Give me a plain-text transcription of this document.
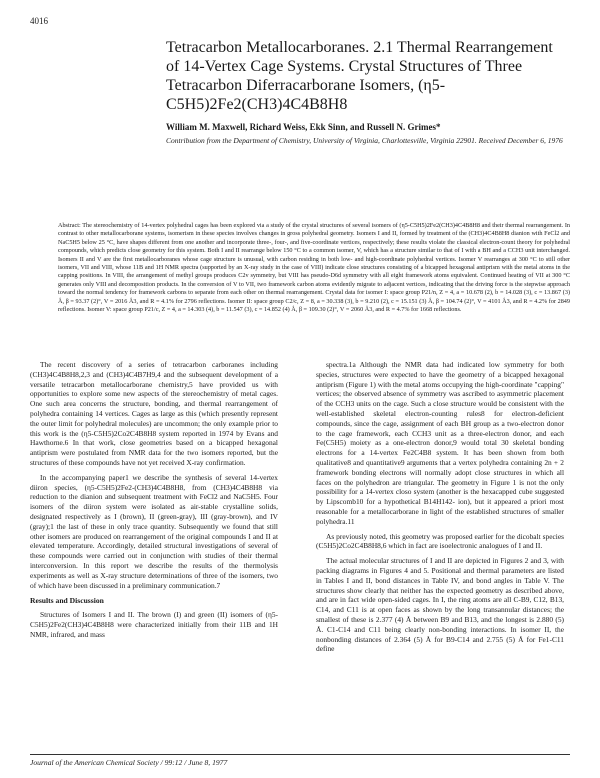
4016
Tetracarbon Metallocarboranes. 2.1 Thermal Rearrangement of 14-Vertex Cage Systems. Crystal Structures of Three Tetracarbon Diferracarborane Isomers, (η5-C5H5)2Fe2(CH3)4C4B8H8
William M. Maxwell, Richard Weiss, Ekk Sinn, and Russell N. Grimes*
Contribution from the Department of Chemistry, University of Virginia, Charlottesville, Virginia 22901. Received December 6, 1976

Abstract: The stereochemistry of 14-vertex polyhedral cages has been explored via a study of the crystal structures of several isomers of (η5-C5H5)2Fe2(CH3)4C4B8H8 and their thermal rearrangement. In contrast to other metallocarborane systems, isomerism in these species involves changes in gross polyhedral geometry. Isomers I and II, formed by treatment of the (CH3)4C4B8H8 dianion with FeCl2 and NaC5H5 below 25 °C, have shapes different from one another and incorporate three-, four-, and five-coordinate vertices, respectively; these results violate the classical electron-count theory for polyhedral compounds, which predicts close geometry for this system. Both I and II rearrange below 150 °C to a common isomer, V, which has a structure similar to that of I with a BH and a CCH3 unit interchanged. Isomers II and V are the first metallocarboranes whose cage structure is unusual, with carbon residing in both low- and high-coordinate polyhedral vertices. Isomer V rearranges at 300 °C to still other isomers, VII and VIII, whose 11B and 1H NMR spectra (supported by an X-ray study in the case of VIII) indicate close structures consisting of a bicapped hexagonal antiprism with the metal atoms in the capping positions. In VIII, the arrangement of methyl groups produces C2v symmetry, but VIII has pseudo-D6d symmetry with all eight framework atoms equivalent. Continued heating of VII at 300 °C generates only VIII and decomposition products. In the conversion of V to VII, two framework carbon atoms evidently migrate to adjacent vertices, indicating that the driving force is the stepwise approach toward the normal tendency for framework carbons to separate from each other on thermal rearrangement. Crystal data for isomer I: space group P21/n, Z = 4, a = 10.678 (2), b = 14.028 (3), c = 13.867 (3) Å, β = 93.37 (2)°, V = 2016 Å3, and R = 4.1% for 2796 reflections. Isomer II: space group C2/c, Z = 8, a = 30.338 (3), b = 9.210 (2), c = 15.151 (3) Å, β = 104.74 (2)°, V = 4101 Å3, and R = 4.2% for 2849 reflections. Isomer V: space group P21/c, Z = 4, a = 14.303 (4), b = 11.547 (3), c = 14.852 (4) Å, β = 109.30 (2)°, V = 2060 Å3, and R = 4.7% for 1668 reflections.

The recent discovery of a series of tetracarbon carboranes including (CH3)4C4B8H8,2,3 and (CH3)4C4B7H9,4 and the subsequent development of a versatile tetracarbon metallocarborane chemistry,5 have provided us with opportunities to explore some new aspects of the stereochemistry of metal cages. One such area concerns the structure, bonding, and thermal rearrangement of polyhedra containing 14 vertices. Cages as large as this (which presently represent the outer limit for polyhedral molecules) are uncommon; the only example prior to this work is the (η5-C5H5)2Co2C4B8H8 system reported in 1974 by Evans and Hawthorne.6 In that work, close geometries based on a bicapped hexagonal antiprism were postulated from NMR data for the two isomers reported, but the structures of these compounds have not yet received X-ray confirmation.

In the accompanying paper1 we describe the synthesis of several 14-vertex diiron species, (η5-C5H5)2Fe2-(CH3)4C4B8H8, from (CH3)4C4B8H8 via reduction to the dianion and subsequent treatment with FeCl2 and NaC5H5. Four isomers of the diiron system were isolated as air-stable crystalline solids, designated respectively as I (brown), II (green-gray), III (gray-brown), and IV (gray);1 the last of these in only trace quantity. Subsequently we found that still other isomers are produced on rearrangement of the original compounds I and II at elevated temperature. Accordingly, detailed structural investigations of several of these compounds were carried out in conjunction with studies of their thermal interconversion. In this report we describe the results of the thermolysis experiments as well as X-ray structure determinations of three of the isomers, two of which have been discussed in a preliminary communication.7

Results and Discussion

Structures of Isomers I and II. The brown (I) and green (II) isomers of (η5-C5H5)2Fe2(CH3)4C4B8H8 were characterized initially from their 11B and 1H NMR, infrared, and mass

spectra.1a Although the NMR data had indicated low symmetry for both species, structures were expected to have the geometry of a bicapped hexagonal antiprism (Figure 1) with the metal atoms occupying the high-coordinate "capping" vertices; the observed absence of symmetry was ascribed to asymmetric placement of the CCH3 units on the cage. Such a close structure would be consistent with the well-established skeletal electron-counting rules8 for electron-deficient compounds, since the cage, assignment of each BH group as a two-electron donor to the cage framework, each CCH3 unit as a three-electron donor, and each Fe(C5H5) moiety as a one-electron donor,9 would total 30 skeletal bonding electrons for a 14-vertex Fe2C4B8 system. It has been shown from both qualitative8 and quantitative9 arguments that a vertex polyhedra containing 2n + 2 framework bonding electrons will normally adopt close structures in which all faces on the polyhedron are triangular. The geometry in Figure 1 is not the only possibility for a 14-vertex closo system (another is the hexacapped cube suggested by Lipscomb10 for a hypothetical B14H142- ion), but it appeared a priori most reasonable for a metallocarborane in light of the established structures of smaller polyhedra.11

As previously noted, this geometry was proposed earlier for the dicobalt species (C5H5)2Co2C4B8H8,6 which in fact are isoelectronic analogues of I and II.

The actual molecular structures of I and II are depicted in Figures 2 and 3, with packing diagrams in Figures 4 and 5. Positional and thermal parameters are listed in Tables I and II, bond distances in Table IV, and bond angles in Table V. The structures show clearly that neither has the expected geometry as described above, and are in fact wide open-sided cages. In I, the ring atoms are all C-B9, C12, B13, C14, and C11 is at open faces as shown by the long transannular distances; the smallest of these is 2.377 (4) Å between B9 and B13, and the longest is 2.880 (5) Å. C1-C14 and C11 being clearly non-bonding interactions. In isomer II, the nonbonding distances of 2.364 (5) Å for B9-C14 and 2.755 (5) Å for Fe1-C11 define

Journal of the American Chemical Society / 99:12 / June 8, 1977
